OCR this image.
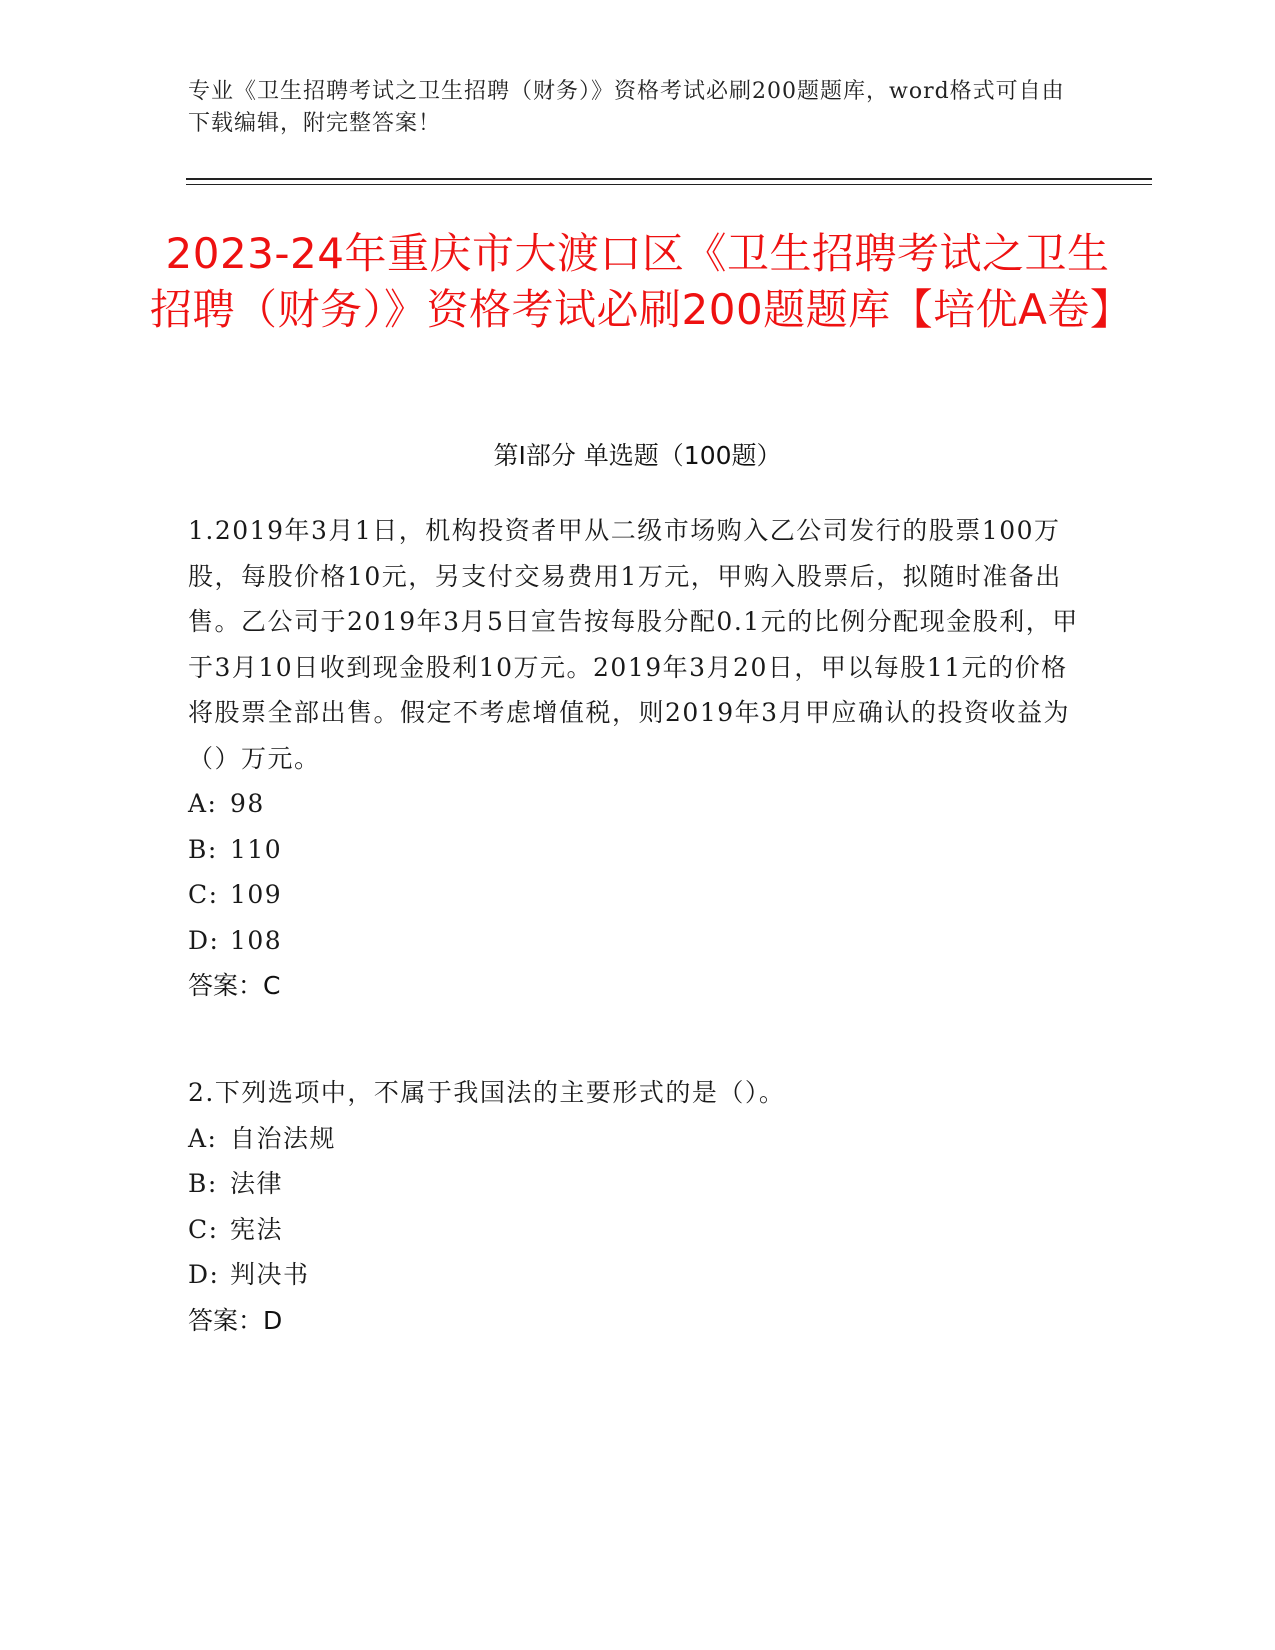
专业《卫生招聘考试之卫生招聘（财务）》资格考试必刷200题题库，word格式可自由下载编辑，附完整答案！
2023-24年重庆市大渡口区《卫生招聘考试之卫生招聘（财务）》资格考试必刷200题题库【培优A卷】
第Ⅰ部分 单选题（100题）

1.2019年3月1日，机构投资者甲从二级市场购入乙公司发行的股票100万股，每股价格10元，另支付交易费用1万元，甲购入股票后，拟随时准备出售。乙公司于2019年3月5日宣告按每股分配0.1元的比例分配现金股利，甲于3月10日收到现金股利10万元。2019年3月20日，甲以每股11元的价格将股票全部出售。假定不考虑增值税，则2019年3月甲应确认的投资收益为（）万元。

A: 98

B: 110

C: 109

D: 108

答案：C

2.下列选项中，不属于我国法的主要形式的是（）。

A: 自治法规

B: 法律

C: 宪法

D: 判决书

答案：D
